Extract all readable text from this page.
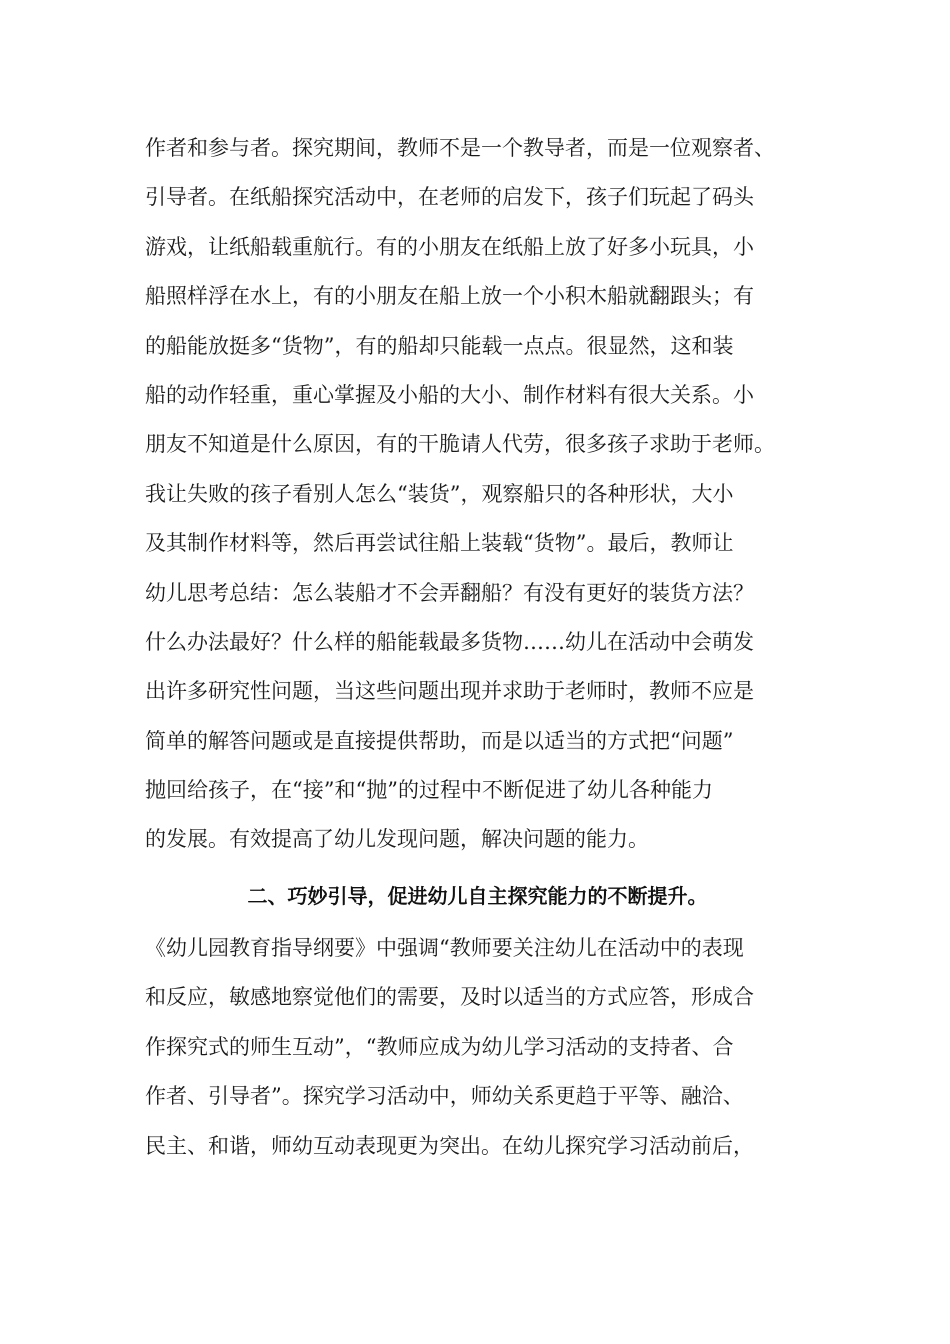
作者和参与者。探究期间，教师不是一个教导者，而是一位观察者、
引导者。在纸船探究活动中，在老师的启发下，孩子们玩起了码头
游戏，让纸船载重航行。有的小朋友在纸船上放了好多小玩具，小
船照样浮在水上，有的小朋友在船上放一个小积木船就翻跟头；有
的船能放挺多“货物”，有的船却只能载一点点。很显然，这和装
船的动作轻重，重心掌握及小船的大小、制作材料有很大关系。小
朋友不知道是什么原因，有的干脆请人代劳，很多孩子求助于老师。
我让失败的孩子看别人怎么“装货”，观察船只的各种形状，大小
及其制作材料等，然后再尝试往船上装载“货物”。最后，教师让
幼儿思考总结：怎么装船才不会弄翻船？有没有更好的装货方法？
什么办法最好？什么样的船能载最多货物……幼儿在活动中会萌发
出许多研究性问题，当这些问题出现并求助于老师时，教师不应是
简单的解答问题或是直接提供帮助，而是以适当的方式把“问题”
抛回给孩子，在“接”和“抛”的过程中不断促进了幼儿各种能力
的发展。有效提高了幼儿发现问题，解决问题的能力。
二、巧妙引导，促进幼儿自主探究能力的不断提升。
《幼儿园教育指导纲要》中强调“教师要关注幼儿在活动中的表现
和反应，敏感地察觉他们的需要，及时以适当的方式应答，形成合
作探究式的师生互动”，“教师应成为幼儿学习活动的支持者、合
作者、引导者”。探究学习活动中，师幼关系更趋于平等、融洽、
民主、和谐，师幼互动表现更为突出。在幼儿探究学习活动前后，
